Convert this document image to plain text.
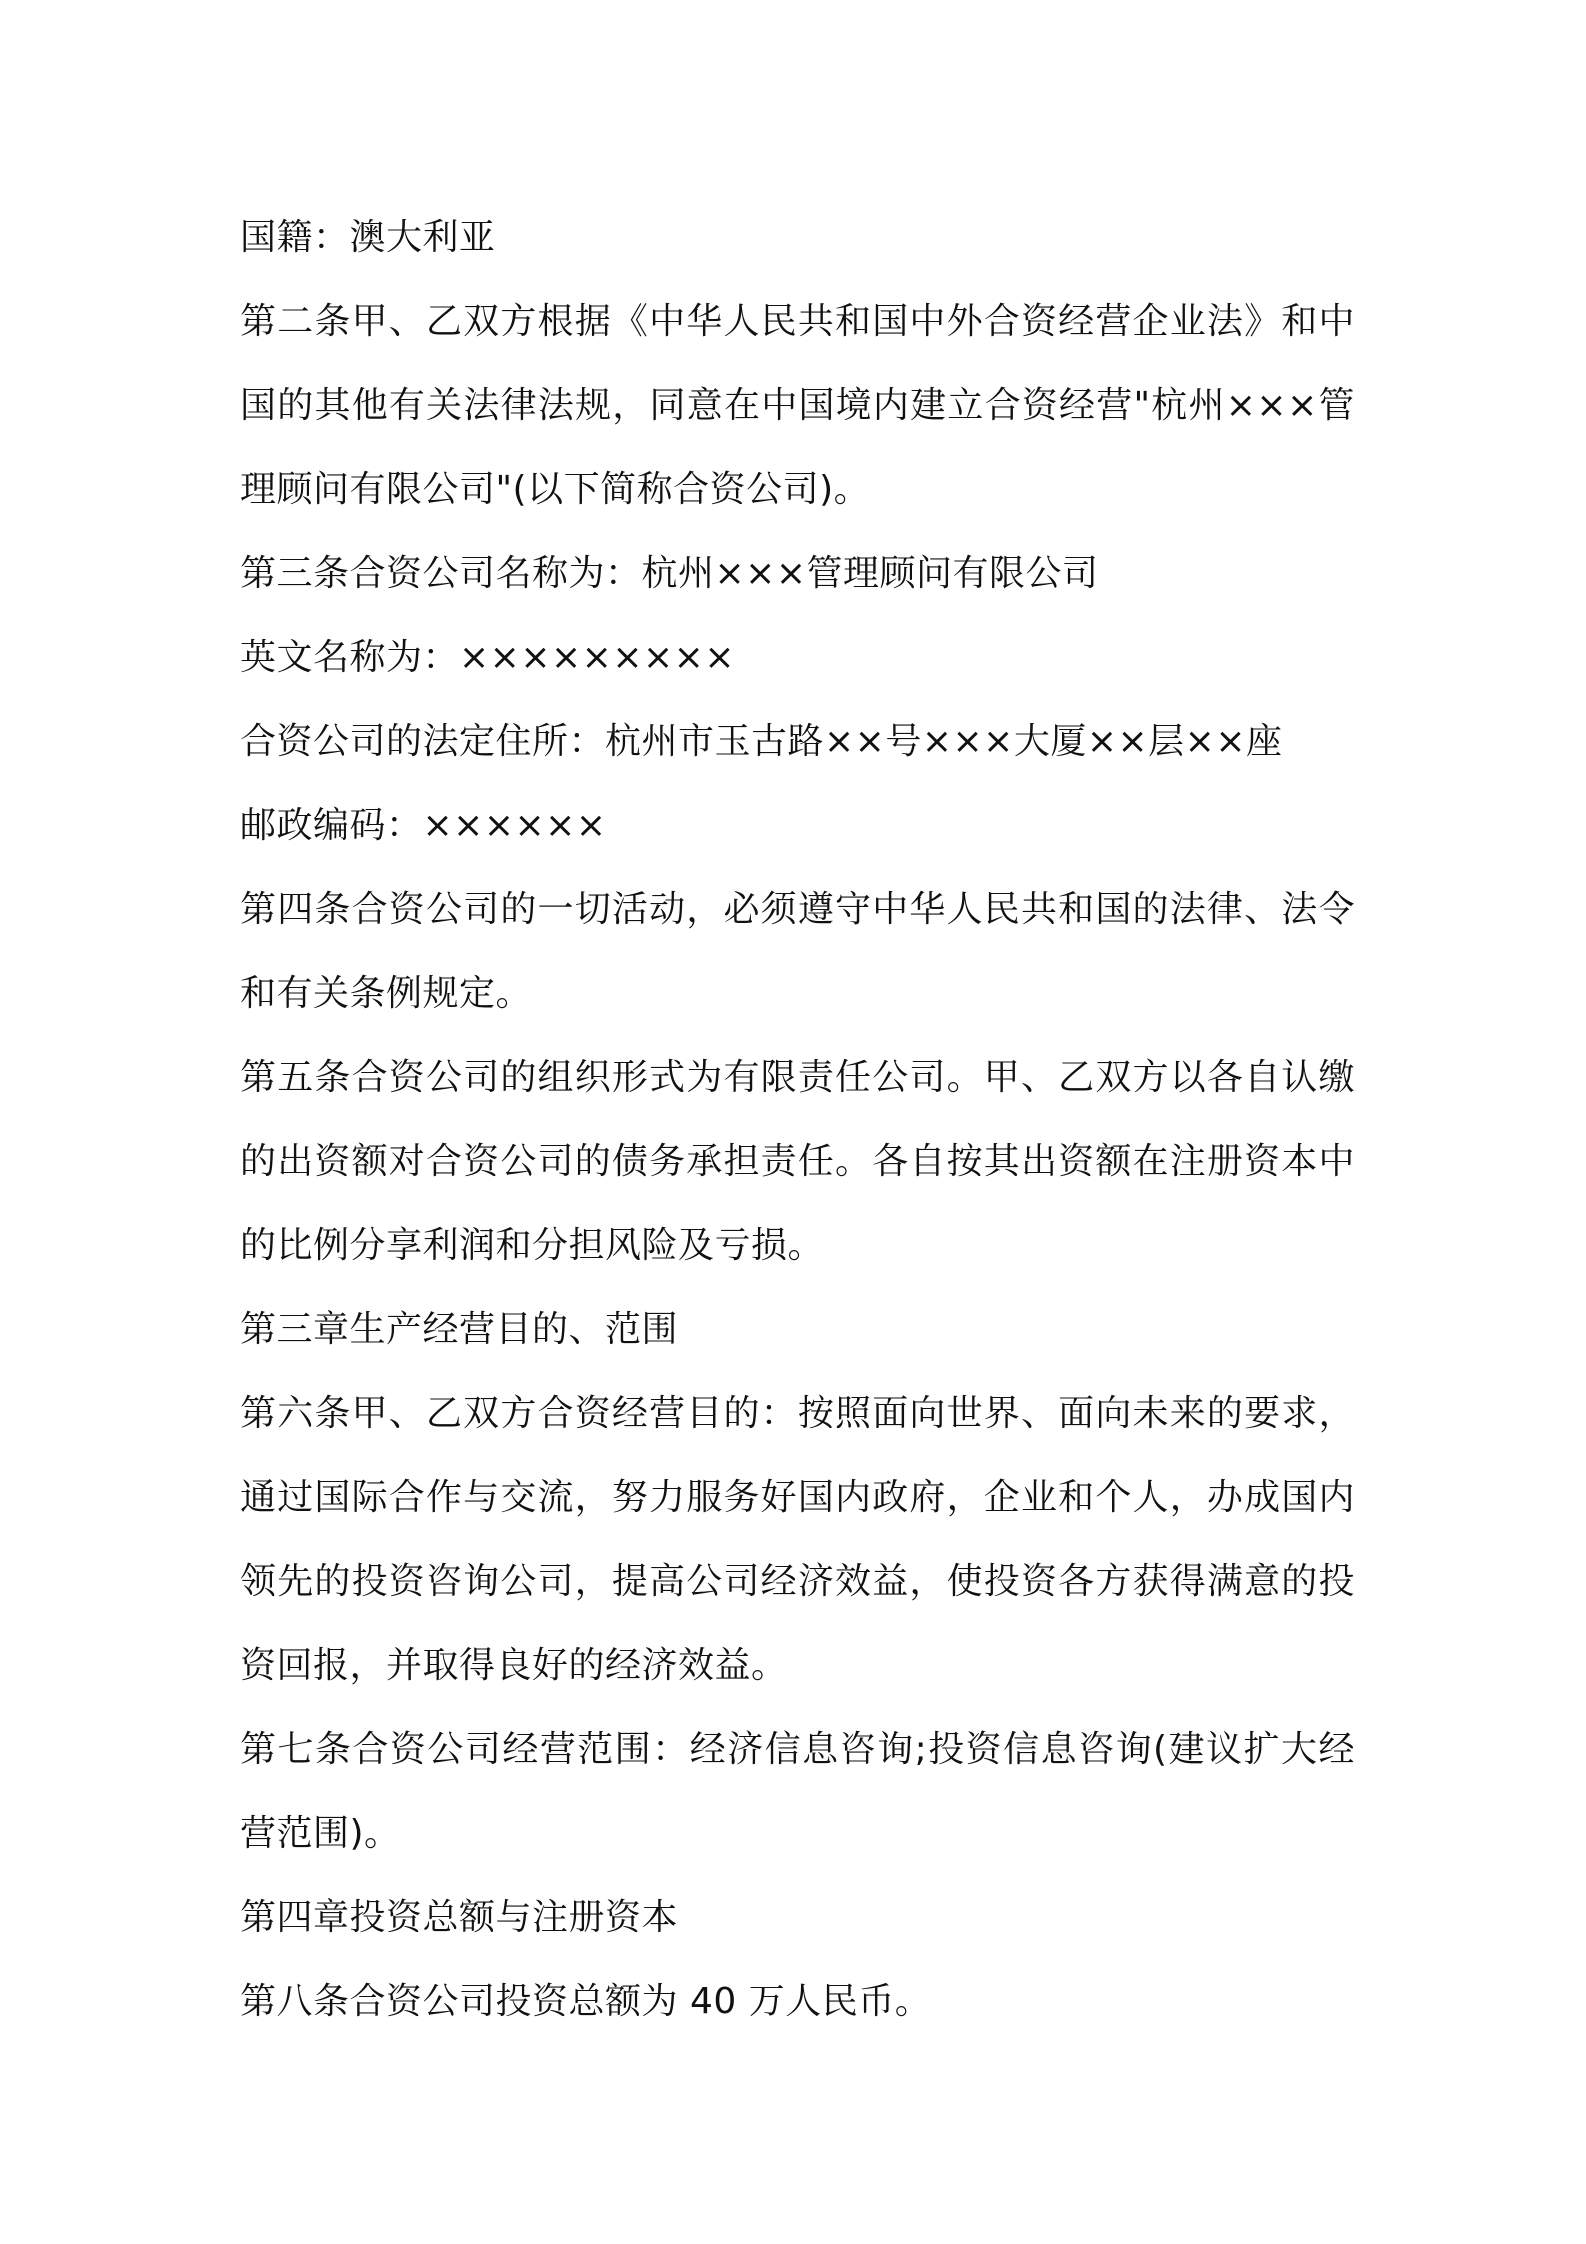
国籍：澳大利亚

第二条甲、乙双方根据《中华人民共和国中外合资经营企业法》和中国的其他有关法律法规，同意在中国境内建立合资经营"杭州×××管理顾问有限公司"(以下简称合资公司)。

第三条合资公司名称为：杭州×××管理顾问有限公司

英文名称为：×××××××××

合资公司的法定住所：杭州市玉古路××号×××大厦××层××座

邮政编码：××××××

第四条合资公司的一切活动，必须遵守中华人民共和国的法律、法令和有关条例规定。

第五条合资公司的组织形式为有限责任公司。甲、乙双方以各自认缴的出资额对合资公司的债务承担责任。各自按其出资额在注册资本中的比例分享利润和分担风险及亏损。

第三章生产经营目的、范围

第六条甲、乙双方合资经营目的：按照面向世界、面向未来的要求，通过国际合作与交流，努力服务好国内政府，企业和个人，办成国内领先的投资咨询公司，提高公司经济效益，使投资各方获得满意的投资回报，并取得良好的经济效益。

第七条合资公司经营范围：经济信息咨询;投资信息咨询(建议扩大经营范围)。

第四章投资总额与注册资本

第八条合资公司投资总额为 40 万人民币。
